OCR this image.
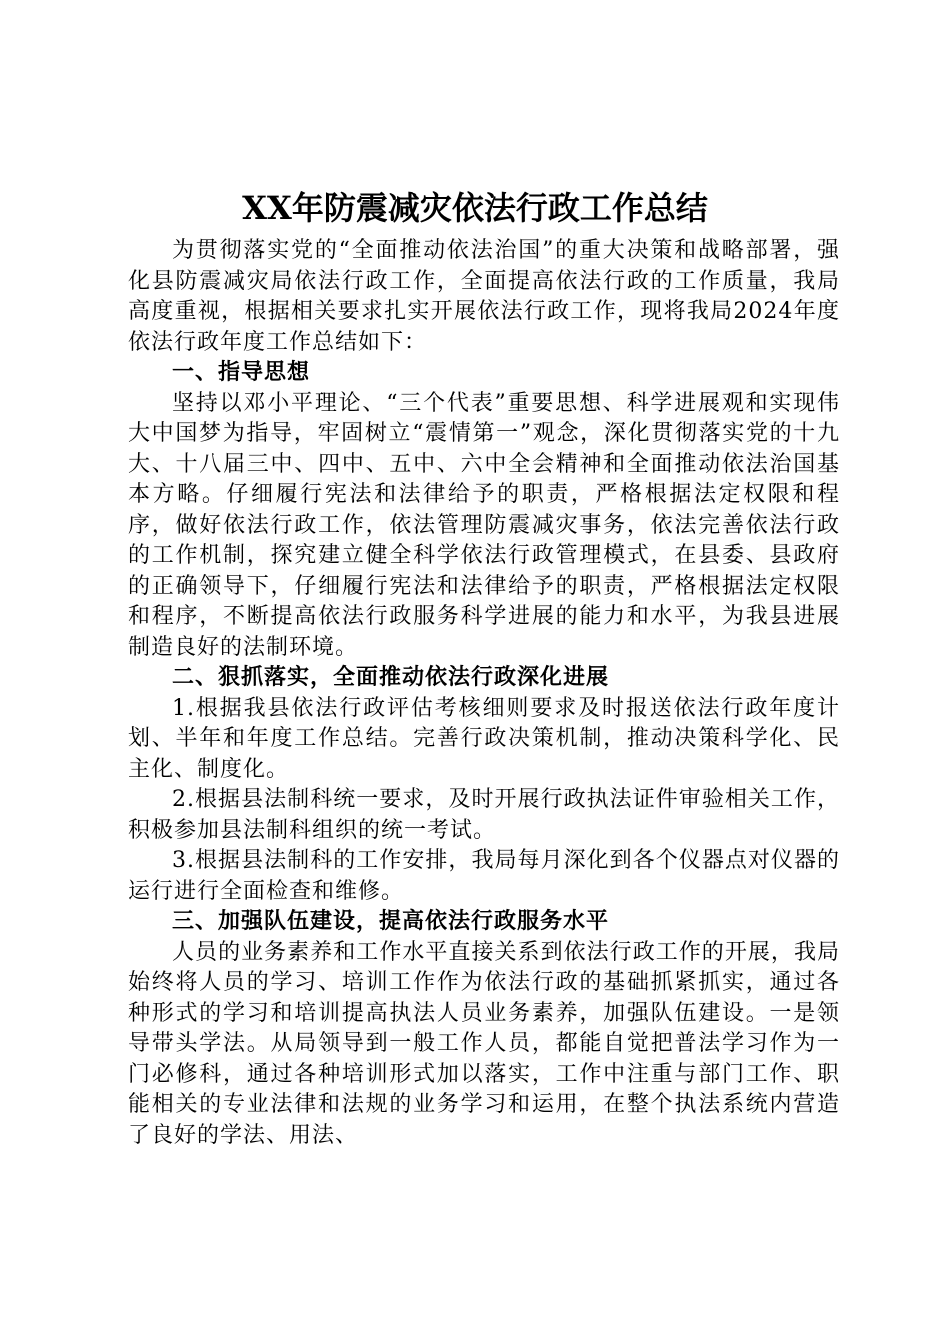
XX年防震减灾依法行政工作总结

为贯彻落实党的“全面推动依法治国”的重大决策和战略部署，强化县防震减灾局依法行政工作，全面提高依法行政的工作质量，我局高度重视，根据相关要求扎实开展依法行政工作，现将我局2024年度依法行政年度工作总结如下：

一、指导思想

坚持以邓小平理论、“三个代表”重要思想、科学进展观和实现伟大中国梦为指导，牢固树立“震情第一”观念，深化贯彻落实党的十九大、十八届三中、四中、五中、六中全会精神和全面推动依法治国基本方略。仔细履行宪法和法律给予的职责，严格根据法定权限和程序，做好依法行政工作，依法管理防震减灾事务，依法完善依法行政的工作机制，探究建立健全科学依法行政管理模式，在县委、县政府的正确领导下，仔细履行宪法和法律给予的职责，严格根据法定权限和程序，不断提高依法行政服务科学进展的能力和水平，为我县进展制造良好的法制环境。

二、狠抓落实，全面推动依法行政深化进展

1.根据我县依法行政评估考核细则要求及时报送依法行政年度计划、半年和年度工作总结。完善行政决策机制，推动决策科学化、民主化、制度化。

2.根据县法制科统一要求，及时开展行政执法证件审验相关工作，积极参加县法制科组织的统一考试。

3.根据县法制科的工作安排，我局每月深化到各个仪器点对仪器的运行进行全面检查和维修。

三、加强队伍建设，提高依法行政服务水平

人员的业务素养和工作水平直接关系到依法行政工作的开展，我局始终将人员的学习、培训工作作为依法行政的基础抓紧抓实，通过各种形式的学习和培训提高执法人员业务素养，加强队伍建设。一是领导带头学法。从局领导到一般工作人员，都能自觉把普法学习作为一门必修科，通过各种培训形式加以落实，工作中注重与部门工作、职能相关的专业法律和法规的业务学习和运用，在整个执法系统内营造了良好的学法、用法、
